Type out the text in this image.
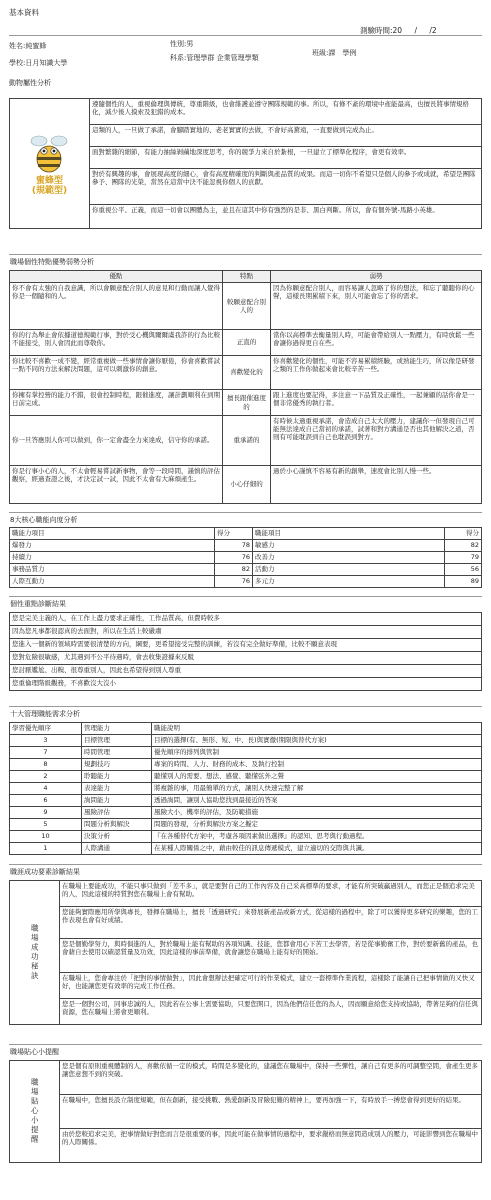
基本資料
測驗時間:20 / /2
姓名:純蜜蜂	性別:男
班級:課　學例
科系:管理學群 企業管理學類
學校:日月知識大學
動物屬性分析
蜜蜂型
(規範型)
	遵隨個性的人，重視倫理與傳統，尊重階級，也會維護並遵守團隊規範的事。所以，有條不紊的環境中產能最高，也擅長將事情規格化，減少後人摸索及犯錯的成本。
這類的人，一旦做了承諾，會腳踏實地的、老老實實的去做，不會好高騖遠，一直要做到完成為止。
面對繁雜的細節，有能力抽絲剝繭地深度思考，你的競爭力來自於紮根，一旦建立了標準化程序，會更有效率。
對於有興趣的事，會展現高度的細心，會有高度精確度的判斷與產品質的成果。而這一切你不希望只是個人的參予或成就，希望是團隊參予、團隊的光榮，當然在這當中決不能忽視你個人的貢獻。
你重視公平、正義，而這一切會以團體為主，並且在這其中你有強烈的是非、黑白判斷。所以，會有個外號-馬路小英雄。
職場個性特點優勢弱勢分析
優點	特點	弱勢
你不會有太強的自我意識，所以會願意配合別人的意見和行動而讓人覺得你是一個隨和的人。	較願意配合別人的	因為你願意配合別人，而容易讓人忽略了你的想法，和忘了聽聽你的心聲，這樣長期累積下來，別人可能會忘了你的需求。
你的行為舉止會依據道德規範行事，對於受心機與爾爾虞我詐的行為比較不能接受，別人會因此而尊敬你。	正直的	當你以高標準去衡量別人時，可能會帶給別人一點壓力，有時放鬆一些會讓你過得更自在些。
你比較不喜歡一成不變，經常重複做一些事情會讓你厭倦，你會喜歡嘗試一點不同的方法來解決問題，這可以刺激你的創意。	喜歡變化的	你喜歡變化的個性，可能不容易累積經驗，或熟能生巧，所以像是研發之類的工作你做起來會比較辛苦一些。
你擁有掌控營的能力不錯，很會控制時程，跟催進度，讓計劃順利在到期日前完成。	擅長跟催進度的	跟上進度也要記得，多注意一下品質及正確性，一起兼顧的話你會是一個非常優秀的執行者。
你一旦答應別人你可以做到，你一定會盡全力來達成，信守你的承諾。	重承諾的	有時候太過重視承諾，會造成自己太大的壓力，建議你一但發現自己可能無法達成自己當初的承諾，試著和對方溝通是否也其他解決之道，否則有可能耽誤到自己也耽誤到對方。
你是行事小心的人，不太會輕易嘗試新事物，會等一段時間，謹慎的評估觀察，經過查證之後，才決定試一試，因此不太會有大麻煩產生。	小心仔細的	過於小心謹慎不容易有新的創舉，速度會比別人慢一些。
8大核心職能向度分析
職能力項目	得分	職能項目	得分
爆發力	78	敏感力	82
持續力	76	改善力	79
事務品質力	82	活動力	56
人際互動力	76	多元力	89
個性重點診斷結果
您是完美主義的人，在工作上盡力要求正確性，工作品質高，但費時較多
因為您凡事都很認真的去面對，所以在生活上較嚴肅
您進入一個新的領域時需要很清楚的方向，綱要，更希望接受完整的訓練，若沒有完全做好準備，比較不願意表現
您對危險很敏感，尤其遇到不公平待遇時，會去收集證據來反駁
您討厭尷尬、出糗、很尊重別人，因此也希望得到別人尊重
您重倫理階級觀務，不喜歡沒大沒小
十大管理職能需求分析
學習優先順序	管理能力	職能說明
3	目標管理	目標的選擇(有、無形、短、中、長)與實徹(期限與替代方案)
7	時間管理	優先順序的排列與管制
8	規劃技巧	專案的時間、人力、財務的成本、及執行控制
2	聆聽能力	聽懂別人的需要、想法、感覺、聽懂弦外之聲
4	表達能力	將複雜的事，用最簡單的方式，讓別人快速完整了解
6	詢問能力	透過詢問，讓別人協助您找到最接近的答案
9	風險評估	風險大小，機率的評估，及防範措施
5	問題分析與解決	問題的發現，分析與解決方案之擬定
10	決策分析	『在各種替代方案中，考慮各項因素做出選擇』的認知、思考與行動過程。
1	人際溝通	在某種人際關係之中，藉由較佳的訊息傳遞模式，建立適切的交際與共識。
職涯成功要素診斷結果
職場成功秘訣	在職場上要能成功，不能只事只做到「差不多」，就是要對自己的工作內容及自己采高標準的要求，才能有所突破贏過別人，而您正是個追求完美的人，因此這樣的特質對您在職場上會有幫助。
您能夠實際應用所學與專長，發揮在職場上，擅長「透過研究」來發展新產品或新方式，從這樣的過程中，除了可以獲得更多研究的樂趣，您的工作表現也會有好成績。
您是個勤學努力，與時俱進的人，對於職場上能有幫助的各項知識、技能，您都會用心下苦工去學習，若是從事勤奮工作，對於要新舊的產品，也會藉自去使用以確認質量及功效，因此這樣的事前準備，就會讓您在職場上能有好的開始。
在職場上，您會專注於「把對的事情做對」，因此會想辦法把確定可行的作業模式，建立一套標準作業流程，這樣除了能讓自己把事情做的又快又好，也能讓您更有效率的完成工作任務。
您是一個對公司，同事忠誠的人，因此若在公事上需要協助，只要您開口，因為他們信任您的為人，因而願意給您支持或協助，帶著足夠的信任與資源，您在職場上將會更順利。
職場貼心小提醒
職場貼心小提醒	您是個有原則重視體制的人，喜歡依循一定的模式，時間是多變化的，建議您在職場中，保持一些彈性，讓自己有更多的可調整空間，會產生更多讓您意想不到的突破。
在職場中，您擅長設立制度規範，但在創新，接受挑戰、熱愛創新及冒險犯難的精神上，要再加強一下，有時放手一搏您會得到更好的結果。
由於您較追求完美，把事情做好對您而言是很重要的事，因此可能在做事情的過程中，要求嚴格而無意間造成別人的壓力，可能影響到您在職場中的人際關係。
